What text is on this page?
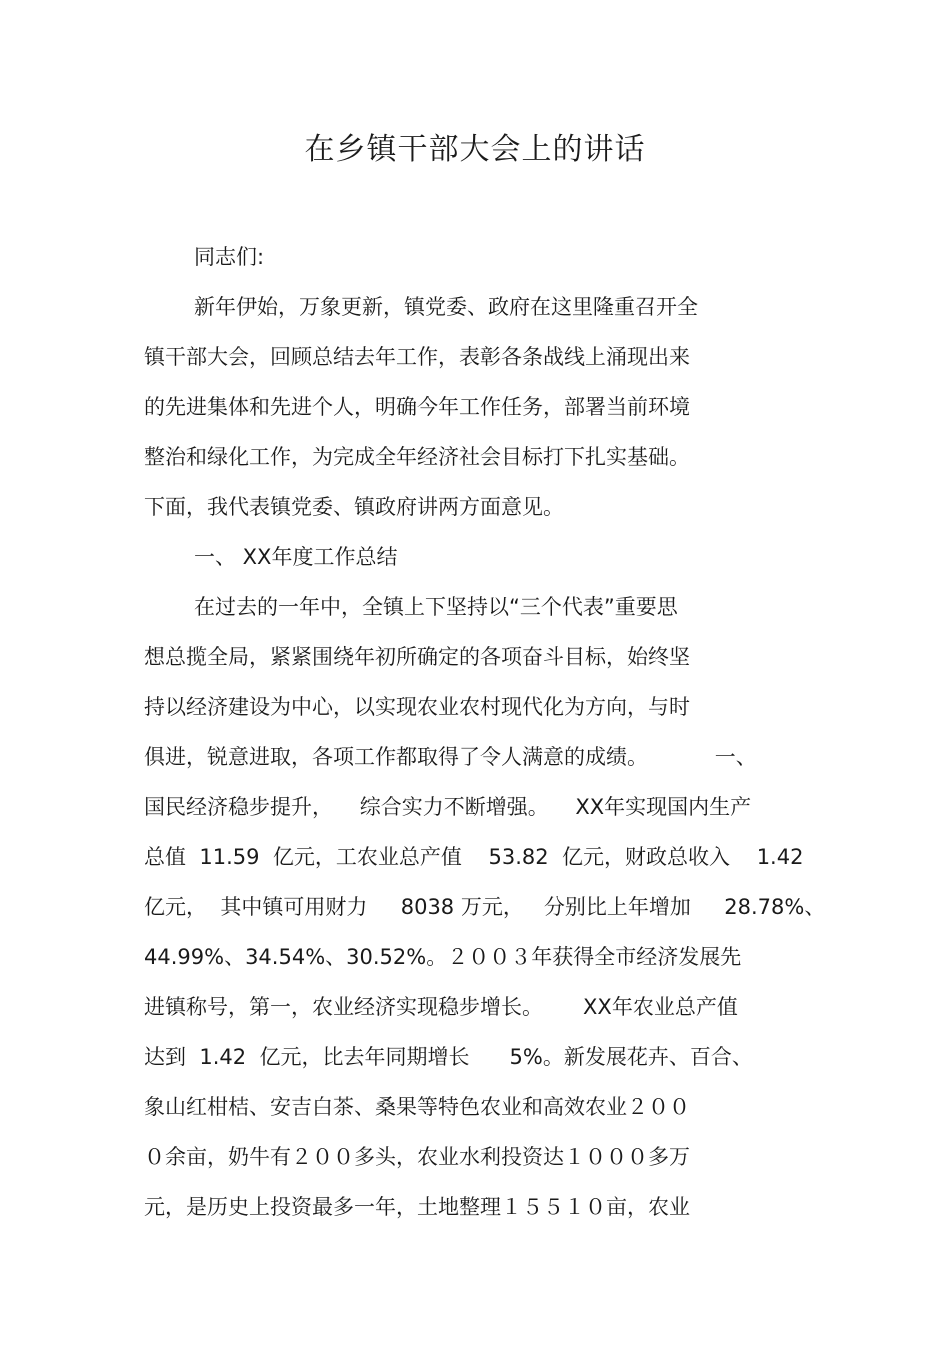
在乡镇干部大会上的讲话

同志们:

新年伊始，万象更新，镇党委、政府在这里隆重召开全

镇干部大会，回顾总结去年工作，表彰各条战线上涌现出来

的先进集体和先进个人，明确今年工作任务，部署当前环境

整治和绿化工作，为完成全年经济社会目标打下扎实基础。

下面，我代表镇党委、镇政府讲两方面意见。

一、 XX年度工作总结

在过去的一年中，全镇上下坚持以“三个代表”重要思

想总揽全局，紧紧围绕年初所确定的各项奋斗目标，始终坚

持以经济建设为中心，以实现农业农村现代化为方向，与时

俱进，锐意进取，各项工作都取得了令人满意的成绩。          一、

国民经济稳步提升，    综合实力不断增强。    XX年实现国内生产

总值  11.59  亿元，工农业总产值    53.82  亿元，财政总收入    1.42

亿元，  其中镇可用财力     8038 万元，   分别比上年增加     28.78%、

44.99%、34.54%、30.52%。２００３年获得全市经济发展先

进镇称号，第一，农业经济实现稳步增长。      XX年农业总产值

达到  1.42  亿元，比去年同期增长      5%。新发展花卉、百合、

象山红柑桔、安吉白茶、桑果等特色农业和高效农业２００

０余亩，奶牛有２００多头，农业水利投资达１０００多万

元，是历史上投资最多一年，土地整理１５５１０亩，农业
